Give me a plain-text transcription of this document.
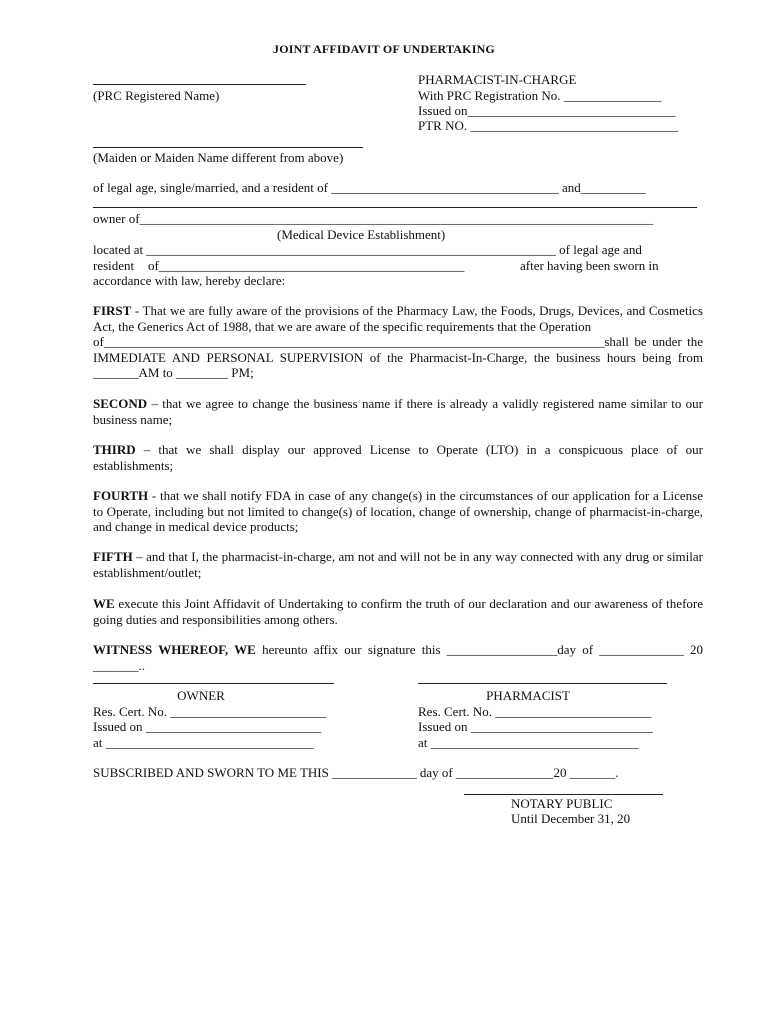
JOINT AFFIDAVIT OF UNDERTAKING
(PRC Registered Name)
PHARMACIST-IN-CHARGE
With PRC Registration No. _______________
Issued on________________________________
PTR NO. ________________________________
(Maiden or Maiden Name different from above)
of legal age, single/married, and a resident of ___________________________________ and__________
owner of_______________________________________________________________________________
(Medical Device Establishment)
located at _______________________________________________________________ of legal age and
resident of_______________________________________________	after having been sworn in
accordance with law, hereby declare:
FIRST - That we are fully aware of the provisions of the Pharmacy Law, the Foods, Drugs, Devices, and Cosmetics Act, the Generics Act of 1988, that we are aware of the specific requirements that the Operation
of_____________________________________________________________________________shall be under the IMMEDIATE AND PERSONAL SUPERVISION of the Pharmacist-In-Charge, the business hours being from _______AM to ________ PM;
SECOND – that we agree to change the business name if there is already a validly registered name similar to our business name;
THIRD – that we shall display our approved License to Operate (LTO) in a conspicuous place of our establishments;
FOURTH - that we shall notify FDA in case of any change(s) in the circumstances of our application for a License to Operate, including but not limited to change(s) of location, change of ownership, change of pharmacist-in-charge, and change in medical device products;
FIFTH – and that I, the pharmacist-in-charge, am not and will not be in any way connected with any drug or similar establishment/outlet;
WE execute this Joint Affidavit of Undertaking to confirm the truth of our declaration and our awareness of thefore going duties and responsibilities among others.
WITNESS WHEREOF, WE hereunto affix our signature this _________________day of _____________ 20 _______..
OWNER
Res. Cert. No. ________________________
Issued on ___________________________
at ________________________________
PHARMACIST
Res. Cert. No. ________________________
Issued on ____________________________
at ________________________________
SUBSCRIBED AND SWORN TO ME THIS _____________ day of _______________20 _______.
NOTARY PUBLIC
Until December 31, 20
